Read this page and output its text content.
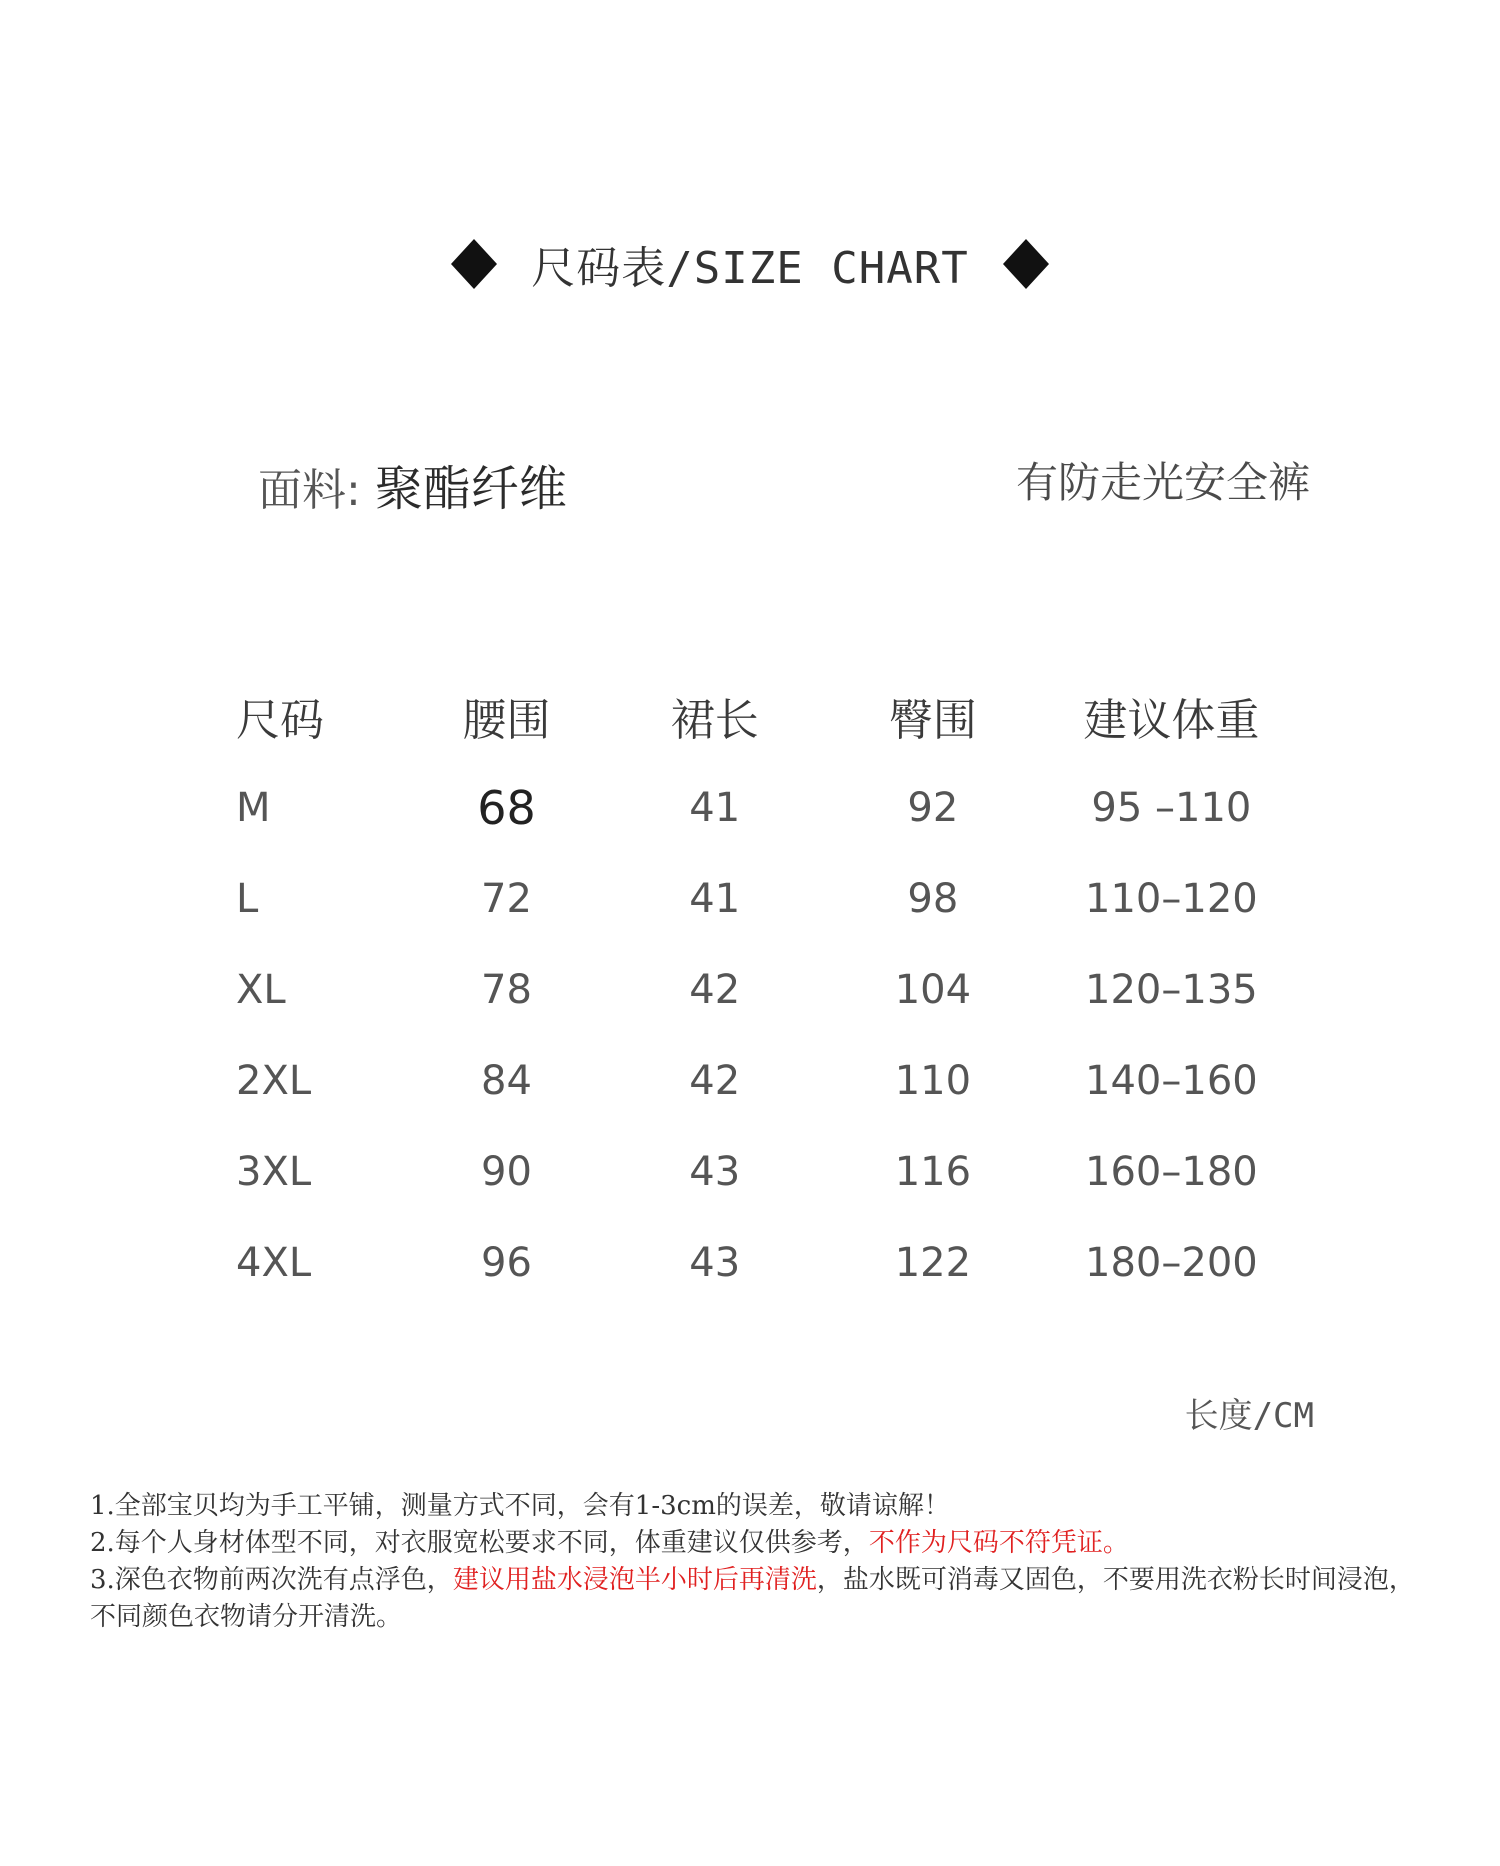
尺码表/SIZE CHART
面料: 聚酯纤维	有防走光安全裤
尺码	腰围	裙长	臀围	建议体重
M	68	41	92	95 –110
L	72	41	98	110–120
XL	78	42	104	120–135
2XL	84	42	110	140–160
3XL	90	43	116	160–180
4XL	96	43	122	180–200
长度/CM

1.全部宝贝均为手工平铺，测量方式不同，会有1-3cm的误差，敬请谅解！

2.每个人身材体型不同，对衣服宽松要求不同，体重建议仅供参考，不作为尺码不符凭证。

3.深色衣物前两次洗有点浮色，建议用盐水浸泡半小时后再清洗，盐水既可消毒又固色，不要用洗衣粉长时间浸泡，不同颜色衣物请分开清洗。
